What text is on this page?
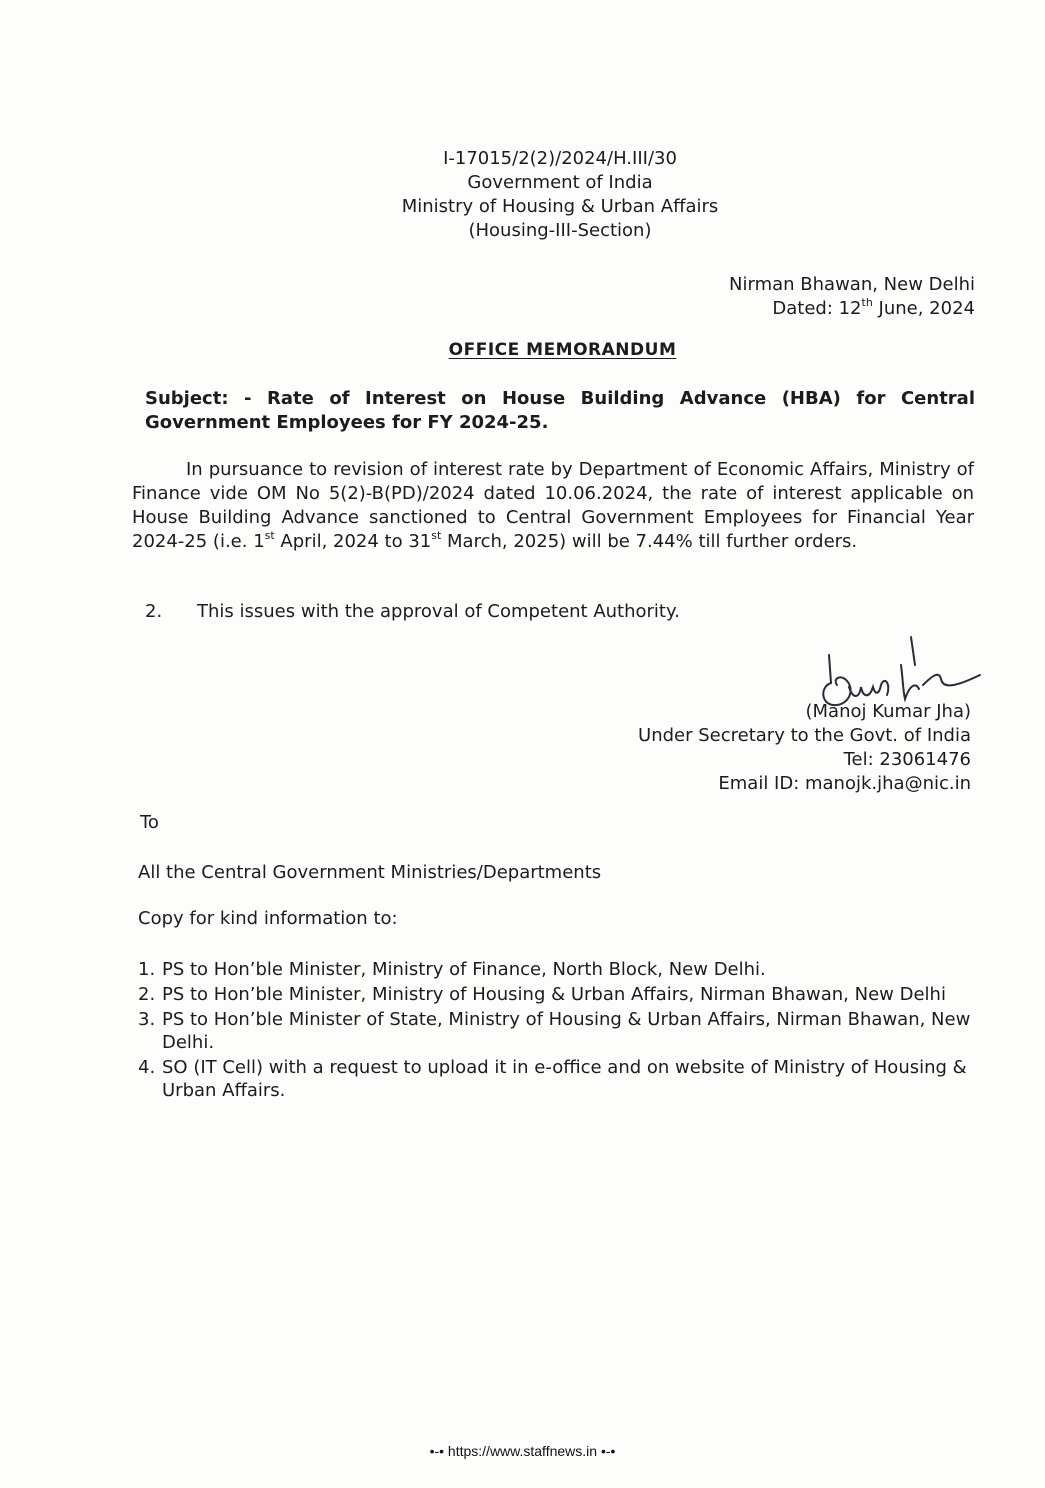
I-17015/2(2)/2024/H.III/30
Government of India
Ministry of Housing & Urban Affairs
(Housing-III-Section)
Nirman Bhawan, New Delhi
Dated: 12th June, 2024
OFFICE MEMORANDUM
Subject: - Rate of Interest on House Building Advance (HBA) for Central Government Employees for FY 2024-25.
In pursuance to revision of interest rate by Department of Economic Affairs, Ministry of Finance vide OM No 5(2)-B(PD)/2024 dated 10.06.2024, the rate of interest applicable on House Building Advance sanctioned to Central Government Employees for Financial Year 2024-25 (i.e. 1st April, 2024 to 31st March, 2025) will be 7.44% till further orders.
2. This issues with the approval of Competent Authority.
(Manoj Kumar Jha)
Under Secretary to the Govt. of India
Tel: 23061476
Email ID: manojk.jha@nic.in
To
All the Central Government Ministries/Departments
Copy for kind information to:
1. PS to Hon’ble Minister, Ministry of Finance, North Block, New Delhi.
2. PS to Hon’ble Minister, Ministry of Housing & Urban Affairs, Nirman Bhawan, New Delhi
3. PS to Hon’ble Minister of State, Ministry of Housing & Urban Affairs, Nirman Bhawan, New Delhi.
4. SO (IT Cell) with a request to upload it in e-office and on website of Ministry of Housing & Urban Affairs.
•-• https://www.staffnews.in •-•
